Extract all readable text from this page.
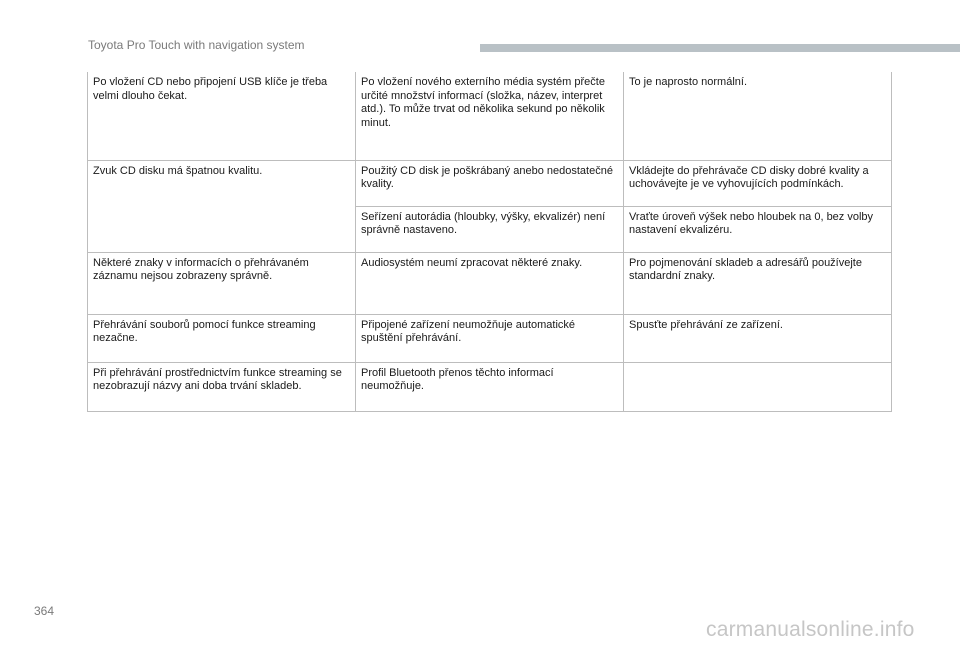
Toyota Pro Touch with navigation system
Po vložení CD nebo připojení USB klíče je třeba velmi dlouho čekat.	Po vložení nového externího média systém přečte určité množství informací (složka, název, interpret atd.). To může trvat od několika sekund po několik minut.	To je naprosto normální.
Zvuk CD disku má špatnou kvalitu.	Použitý CD disk je poškrábaný anebo nedostatečné kvality.	Vkládejte do přehrávače CD disky dobré kvality a uchovávejte je ve vyhovujících podmínkách.
	Seřízení autorádia (hloubky, výšky, ekvalizér) není správně nastaveno.	Vraťte úroveň výšek nebo hloubek na 0, bez volby nastavení ekvalizéru.
Některé znaky v informacích o přehrávaném záznamu nejsou zobrazeny správně.	Audiosystém neumí zpracovat některé znaky.	Pro pojmenování skladeb a adresářů používejte standardní znaky.
Přehrávání souborů pomocí funkce streaming nezačne.	Připojené zařízení neumožňuje automatické spuštění přehrávání.	Spusťte přehrávání ze zařízení.
Při přehrávání prostřednictvím funkce streaming se nezobrazují názvy ani doba trvání skladeb.	Profil Bluetooth přenos těchto informací neumožňuje.	
364
carmanualsonline.info
